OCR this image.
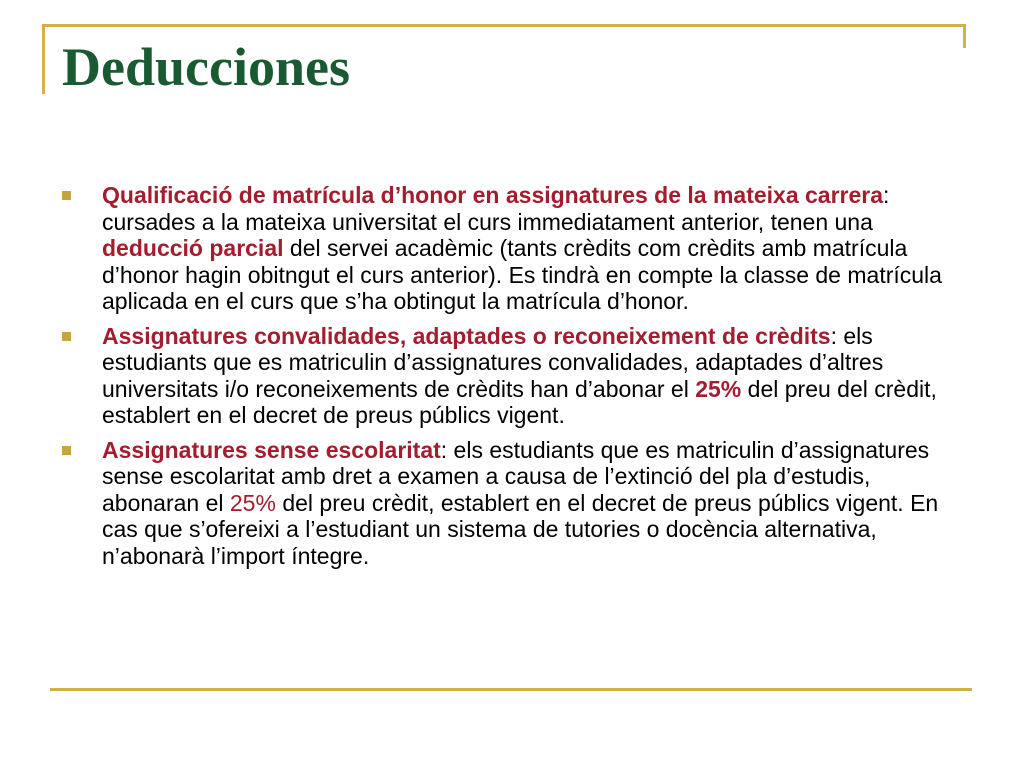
Deducciones
Qualificació de matrícula d’honor en assignatures de la mateixa carrera: cursades a la mateixa universitat el curs immediatament anterior, tenen una deducció parcial del servei acadèmic (tants crèdits com crèdits amb matrícula d’honor hagin obitngut el curs anterior). Es tindrà en compte la classe de matrícula aplicada en el curs que s’ha obtingut la matrícula d’honor.
Assignatures convalidades, adaptades o reconeixement de crèdits: els estudiants que es matriculin d’assignatures convalidades, adaptades d’altres universitats i/o reconeixements de crèdits han d’abonar el 25% del preu del crèdit, establert en el decret de preus públics vigent.
Assignatures sense escolaritat: els estudiants que es matriculin d’assignatures sense escolaritat amb dret a examen a causa de l’extinció del pla d’estudis, abonaran el 25% del preu crèdit, establert en el decret de preus públics vigent. En cas que s’ofereixi a l’estudiant un sistema de tutories o docència alternativa, n’abonarà l’import íntegre.
